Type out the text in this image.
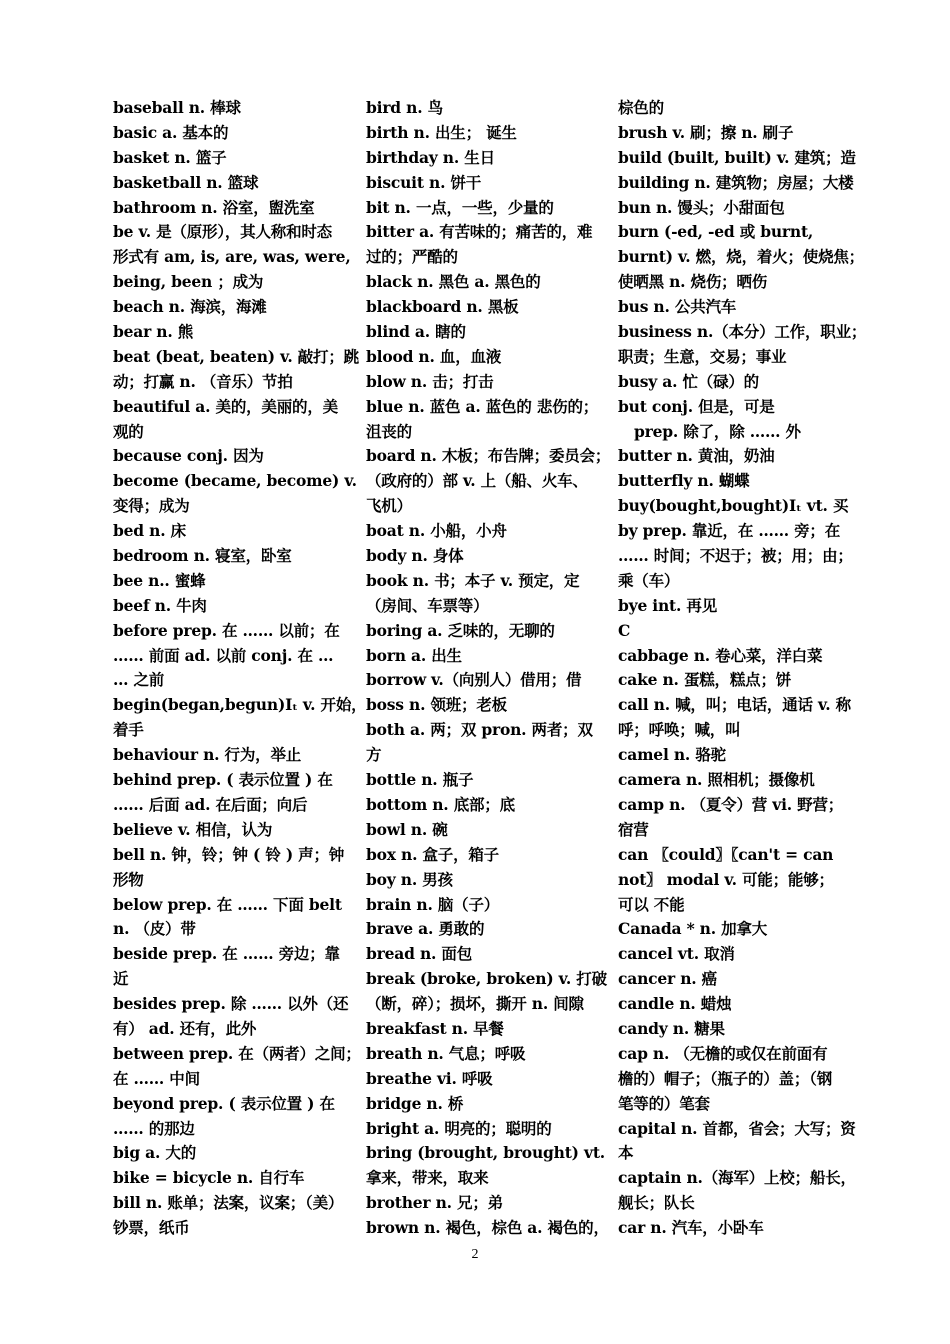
baseball n. 棒球
basic a. 基本的
basket n. 篮子
basketball n. 篮球
bathroom n. 浴室，盥洗室
be v. 是（原形），其人称和时态
形式有 am, is, are, was, were,
being, been ；成为
beach n. 海滨，海滩
bear n. 熊
beat (beat, beaten) v. 敲打；跳
动；打赢 n. （音乐）节拍
beautiful a. 美的，美丽的，美
观的
because conj. 因为
become (became, become) v.
变得；成为
bed n. 床
bedroom n. 寝室，卧室
bee n.. 蜜蜂
beef n. 牛肉
before prep. 在 …… 以前；在
…… 前面 ad. 以前 conj. 在 …
… 之前
begin(began,begun)Iₜ v. 开始，
着手
behaviour n. 行为，举止
behind prep. ( 表示位置 ) 在
…… 后面 ad. 在后面；向后
believe v. 相信，认为
bell n. 钟，铃；钟 ( 铃 ) 声；钟
形物
below prep. 在 …… 下面 belt
n. （皮）带
beside prep. 在 …… 旁边；靠
近
besides prep. 除 …… 以外（还
有） ad. 还有，此外
between prep. 在（两者）之间；
在 …… 中间
beyond prep. ( 表示位置 ) 在
…… 的那边
big a. 大的
bike = bicycle n. 自行车
bill n. 账单；法案，议案；（美）
钞票，纸币
bird n. 鸟
birth n. 出生； 诞生
birthday n. 生日
biscuit n. 饼干
bit n. 一点，一些，少量的
bitter a. 有苦味的；痛苦的，难
过的；严酷的
black n. 黑色 a. 黑色的
blackboard n. 黑板
blind a. 瞎的
blood n. 血，血液
blow n. 击；打击
blue n. 蓝色 a. 蓝色的 悲伤的；
沮丧的
board n. 木板；布告牌；委员会；
（政府的）部 v. 上（船、火车、
飞机）
boat n. 小船，小舟
body n. 身体
book n. 书；本子 v. 预定，定
（房间、车票等）
boring a. 乏味的，无聊的
born a. 出生
borrow v.（向别人）借用；借
boss n. 领班；老板
both a. 两；双 pron. 两者；双
方
bottle n. 瓶子
bottom n. 底部；底
bowl n. 碗
box n. 盒子，箱子
boy n. 男孩
brain n. 脑（子）
brave a. 勇敢的
bread n. 面包
break (broke, broken) v. 打破
（断，碎）；损坏，撕开 n. 间隙
breakfast n. 早餐
breath n. 气息；呼吸
breathe vi. 呼吸
bridge n. 桥
bright a. 明亮的；聪明的
bring (brought, brought) vt.
拿来，带来，取来
brother n. 兄；弟
brown n. 褐色，棕色 a. 褐色的，
棕色的
brush v. 刷；擦 n. 刷子
build (built, built) v. 建筑；造
building n. 建筑物；房屋；大楼
bun n. 馒头；小甜面包
burn (-ed, -ed 或 burnt,
burnt) v. 燃，烧，着火；使烧焦；
使晒黑 n. 烧伤；晒伤
bus n. 公共汽车
business n.（本分）工作，职业；
职责；生意，交易；事业
busy a. 忙（碌）的
but conj. 但是，可是
prep. 除了，除 …… 外
butter n. 黄油，奶油
butterfly n. 蝴蝶
buy(bought,bought)Iₜ vt. 买
by prep. 靠近，在 …… 旁；在
…… 时间；不迟于；被；用；由；
乘（车）
bye int. 再见
C
cabbage n. 卷心菜，洋白菜
cake n. 蛋糕，糕点；饼
call n. 喊，叫；电话，通话 v. 称
呼；呼唤；喊，叫
camel n. 骆驼
camera n. 照相机；摄像机
camp n. （夏令）营 vi. 野营；
宿营
can 〖could〗〖can't = can
not〗 modal v. 可能；能够；
可以 不能
Canada * n. 加拿大
cancel vt. 取消
cancer n. 癌
candle n. 蜡烛
candy n. 糖果
cap n. （无檐的或仅在前面有
檐的）帽子；（瓶子的）盖；（钢
笔等的）笔套
capital n. 首都，省会；大写；资
本
captain n.（海军）上校；船长，
舰长；队长
car n. 汽车，小卧车
2
